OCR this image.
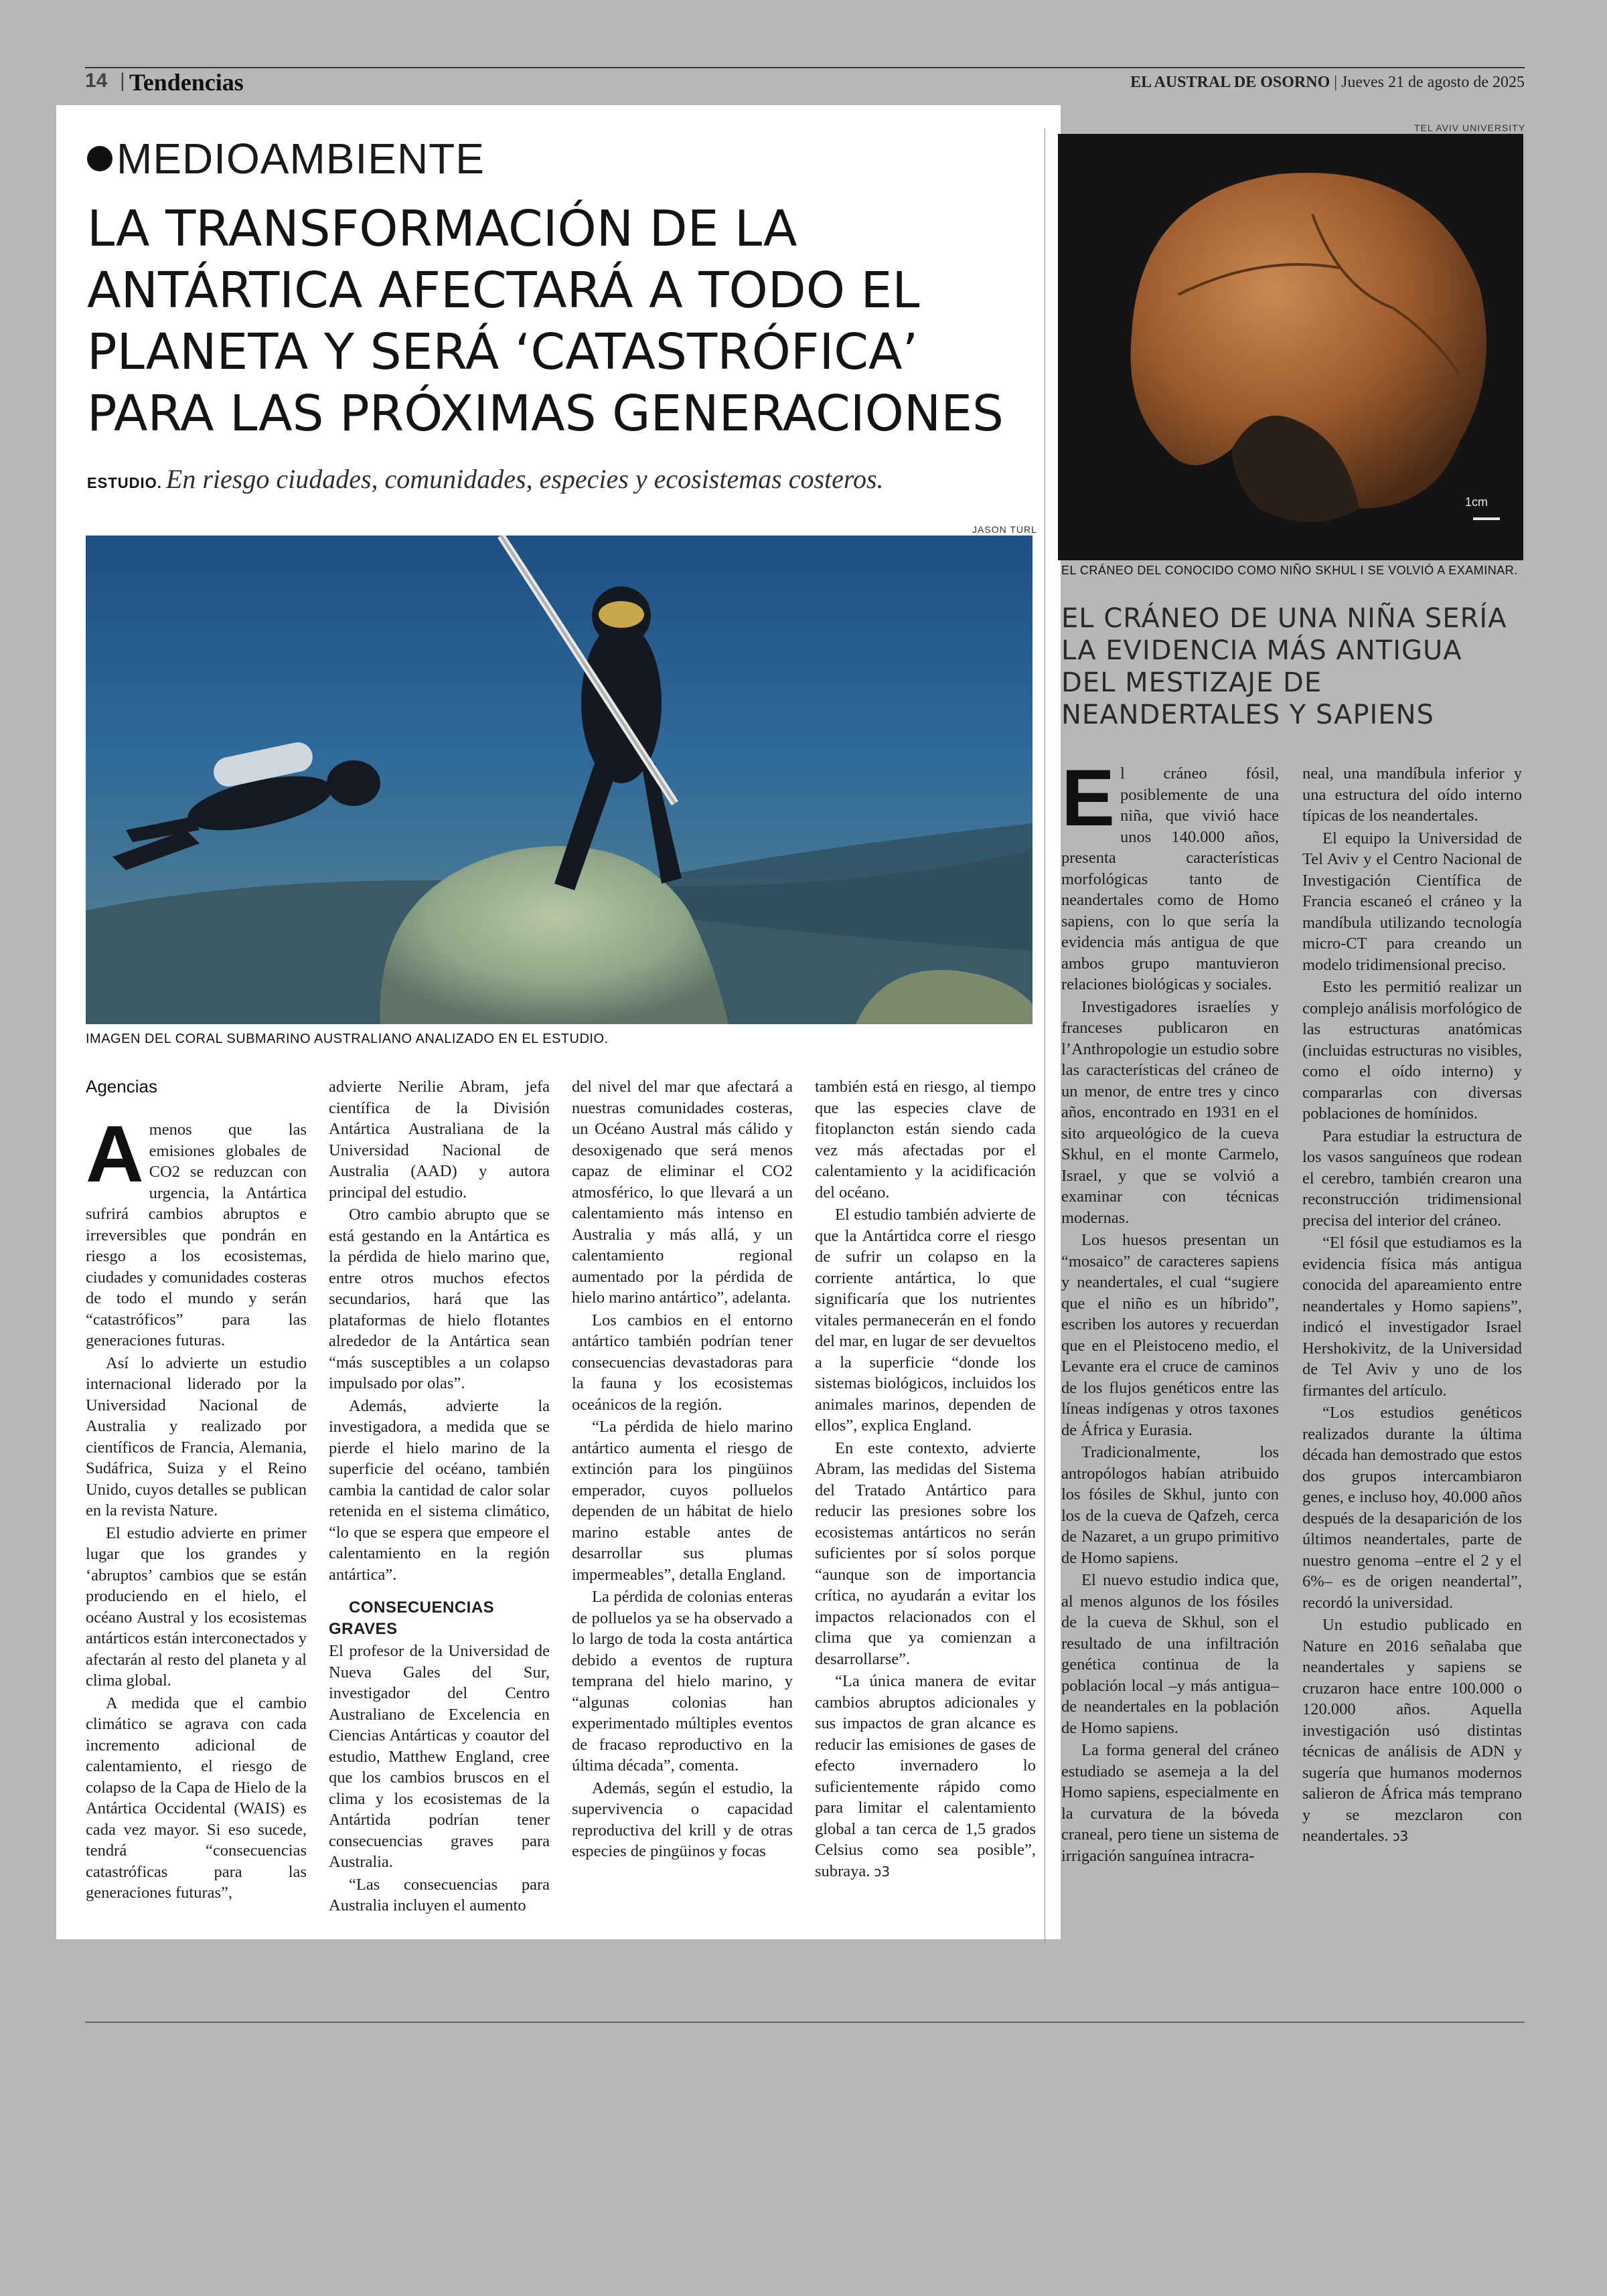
14 | Tendencias	EL AUSTRAL DE OSORNO | Jueves 21 de agosto de 2025
MEDIOAMBIENTE
LA TRANSFORMACIÓN DE LA ANTÁRTICA AFECTARÁ A TODO EL PLANETA Y SERÁ ‘CATASTRÓFICA’ PARA LAS PRÓXIMAS GENERACIONES
ESTUDIO. En riesgo ciudades, comunidades, especies y ecosistemas costeros.
JASON TURL
IMAGEN DEL CORAL SUBMARINO AUSTRALIANO ANALIZADO EN EL ESTUDIO.
Agencias

A menos que las emisiones globales de CO2 se reduzcan con urgencia, la Antártica sufrirá cambios abruptos e irreversibles que pondrán en riesgo a los ecosistemas, ciudades y comunidades costeras de todo el mundo y serán “catastróficos” para las generaciones futuras.

Así lo advierte un estudio internacional liderado por la Universidad Nacional de Australia y realizado por científicos de Francia, Alemania, Sudáfrica, Suiza y el Reino Unido, cuyos detalles se publican en la revista Nature.

El estudio advierte en primer lugar que los grandes y ‘abruptos’ cambios que se están produciendo en el hielo, el océano Austral y los ecosistemas antárticos están interconectados y afectarán al resto del planeta y al clima global.

A medida que el cambio climático se agrava con cada incremento adicional de calentamiento, el riesgo de colapso de la Capa de Hielo de la Antártica Occidental (WAIS) es cada vez mayor. Si eso sucede, tendrá “consecuencias catastróficas para las generaciones futuras”,

advierte Nerilie Abram, jefa científica de la División Antártica Australiana de la Universidad Nacional de Australia (AAD) y autora principal del estudio.

Otro cambio abrupto que se está gestando en la Antártica es la pérdida de hielo marino que, entre otros muchos efectos secundarios, hará que las plataformas de hielo flotantes alrededor de la Antártica sean “más susceptibles a un colapso impulsado por olas”.

Además, advierte la investigadora, a medida que se pierde el hielo marino de la superficie del océano, también cambia la cantidad de calor solar retenida en el sistema climático, “lo que se espera que empeore el calentamiento en la región antártica”.

CONSECUENCIAS GRAVES

El profesor de la Universidad de Nueva Gales del Sur, investigador del Centro Australiano de Excelencia en Ciencias Antárticas y coautor del estudio, Matthew England, cree que los cambios bruscos en el clima y los ecosistemas de la Antártida podrían tener consecuencias graves para Australia.

“Las consecuencias para Australia incluyen el aumento

del nivel del mar que afectará a nuestras comunidades costeras, un Océano Austral más cálido y desoxigenado que será menos capaz de eliminar el CO2 atmosférico, lo que llevará a un calentamiento más intenso en Australia y más allá, y un calentamiento regional aumentado por la pérdida de hielo marino antártico”, adelanta.

Los cambios en el entorno antártico también podrían tener consecuencias devastadoras para la fauna y los ecosistemas oceánicos de la región.

“La pérdida de hielo marino antártico aumenta el riesgo de extinción para los pingüinos emperador, cuyos polluelos dependen de un hábitat de hielo marino estable antes de desarrollar sus plumas impermeables”, detalla England.

La pérdida de colonias enteras de polluelos ya se ha observado a lo largo de toda la costa antártica debido a eventos de ruptura temprana del hielo marino, y “algunas colonias han experimentado múltiples eventos de fracaso reproductivo en la última década”, comenta.

Además, según el estudio, la supervivencia o capacidad reproductiva del krill y de otras especies de pingüinos y focas

también está en riesgo, al tiempo que las especies clave de fitoplancton están siendo cada vez más afectadas por el calentamiento y la acidificación del océano.

El estudio también advierte de que la Antártidca corre el riesgo de sufrir un colapso en la corriente antártica, lo que significaría que los nutrientes vitales permanecerán en el fondo del mar, en lugar de ser devueltos a la superficie “donde los sistemas biológicos, incluidos los animales marinos, dependen de ellos”, explica England.

En este contexto, advierte Abram, las medidas del Sistema del Tratado Antártico para reducir las presiones sobre los ecosistemas antárticos no serán suficientes por sí solos porque “aunque son de importancia crítica, no ayudarán a evitar los impactos relacionados con el clima que ya comienzan a desarrollarse”.

“La única manera de evitar cambios abruptos adicionales y sus impactos de gran alcance es reducir las emisiones de gases de efecto invernadero lo suficientemente rápido como para limitar el calentamiento global a tan cerca de 1,5 grados Celsius como sea posible”, subraya. ↄ3

TEL AVIV UNIVERSITY
1cm
EL CRÁNEO DEL CONOCIDO COMO NIÑO SKHUL I SE VOLVIÓ A EXAMINAR.
EL CRÁNEO DE UNA NIÑA SERÍA LA EVIDENCIA MÁS ANTIGUA DEL MESTIZAJE DE NEANDERTALES Y SAPIENS

El cráneo fósil, posiblemente de una niña, que vivió hace unos 140.000 años, presenta características morfológicas tanto de neandertales como de Homo sapiens, con lo que sería la evidencia más antigua de que ambos grupo mantuvieron relaciones biológicas y sociales.

Investigadores israelíes y franceses publicaron en l’Anthropologie un estudio sobre las características del cráneo de un menor, de entre tres y cinco años, encontrado en 1931 en el sito arqueológico de la cueva Skhul, en el monte Carmelo, Israel, y que se volvió a examinar con técnicas modernas.

Los huesos presentan un “mosaico” de caracteres sapiens y neandertales, el cual “sugiere que el niño es un híbrido”, escriben los autores y recuerdan que en el Pleistoceno medio, el Levante era el cruce de caminos de los flujos genéticos entre las líneas indígenas y otros taxones de África y Eurasia.

Tradicionalmente, los antropólogos habían atribuido los fósiles de Skhul, junto con los de la cueva de Qafzeh, cerca de Nazaret, a un grupo primitivo de Homo sapiens.

El nuevo estudio indica que, al menos algunos de los fósiles de la cueva de Skhul, son el resultado de una infiltración genética continua de la población local –y más antigua– de neandertales en la población de Homo sapiens.

La forma general del cráneo estudiado se asemeja a la del Homo sapiens, especialmente en la curvatura de la bóveda craneal, pero tiene un sistema de irrigación sanguínea intracra-

neal, una mandíbula inferior y una estructura del oído interno típicas de los neandertales.

El equipo la Universidad de Tel Aviv y el Centro Nacional de Investigación Científica de Francia escaneó el cráneo y la mandíbula utilizando tecnología micro-CT para creando un modelo tridimensional preciso.

Esto les permitió realizar un complejo análisis morfológico de las estructuras anatómicas (incluidas estructuras no visibles, como el oído interno) y compararlas con diversas poblaciones de homínidos.

Para estudiar la estructura de los vasos sanguíneos que rodean el cerebro, también crearon una reconstrucción tridimensional precisa del interior del cráneo.

“El fósil que estudiamos es la evidencia física más antigua conocida del apareamiento entre neandertales y Homo sapiens”, indicó el investigador Israel Hershokivitz, de la Universidad de Tel Aviv y uno de los firmantes del artículo.

“Los estudios genéticos realizados durante la última década han demostrado que estos dos grupos intercambiaron genes, e incluso hoy, 40.000 años después de la desaparición de los últimos neandertales, parte de nuestro genoma –entre el 2 y el 6%– es de origen neandertal”, recordó la universidad.

Un estudio publicado en Nature en 2016 señalaba que neandertales y sapiens se cruzaron hace entre 100.000 o 120.000 años. Aquella investigación usó distintas técnicas de análisis de ADN y sugería que humanos modernos salieron de África más temprano y se mezclaron con neandertales. ↄ3
